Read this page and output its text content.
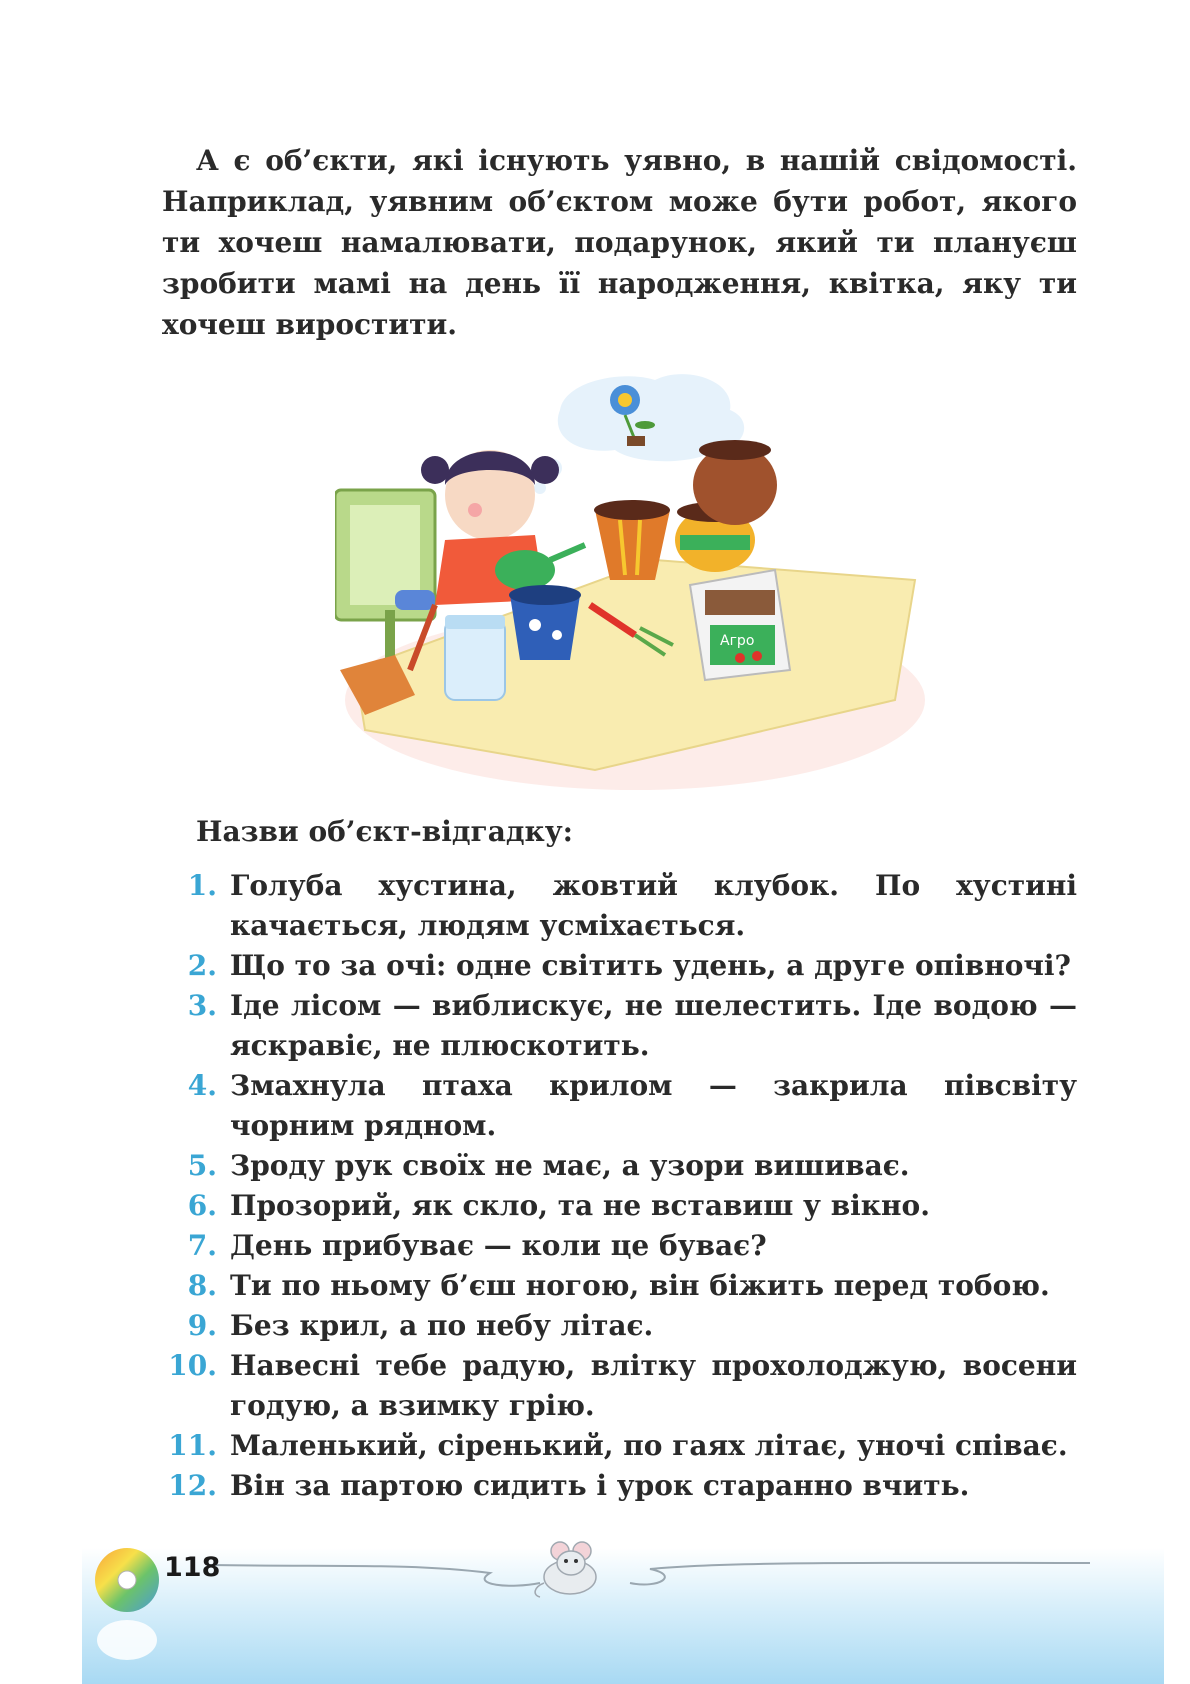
А є об’єкти, які існують уявно, в нашій свідомості. Наприклад, уявним об’єктом може бути робот, якого ти хочеш намалювати, подарунок, який ти плануєш зробити мамі на день її народження, квітка, яку ти хочеш виростити.

Агро

Назви об’єкт-відгадку:

1. Голуба хустина, жовтий клубок. По хустині качається, людям усміхається.
2. Що то за очі: одне світить удень, а друге опівночі?
3. Іде лісом — виблискує, не шелестить. Іде водою — яскравіє, не плюскотить.
4. Змахнула птаха крилом — закрила півсвіту чорним рядном.
5. Зроду рук своїх не має, а узори вишиває.
6. Прозорий, як скло, та не вставиш у вікно.
7. День прибуває — коли це буває?
8. Ти по ньому б’єш ногою, він біжить перед тобою.
9. Без крил, а по небу літає.
10. Навесні тебе радую, влітку прохолоджую, восени годую, а взимку грію.
11. Маленький, сіренький, по гаях літає, уночі співає.
12. Він за партою сидить і урок старанно вчить.
118
